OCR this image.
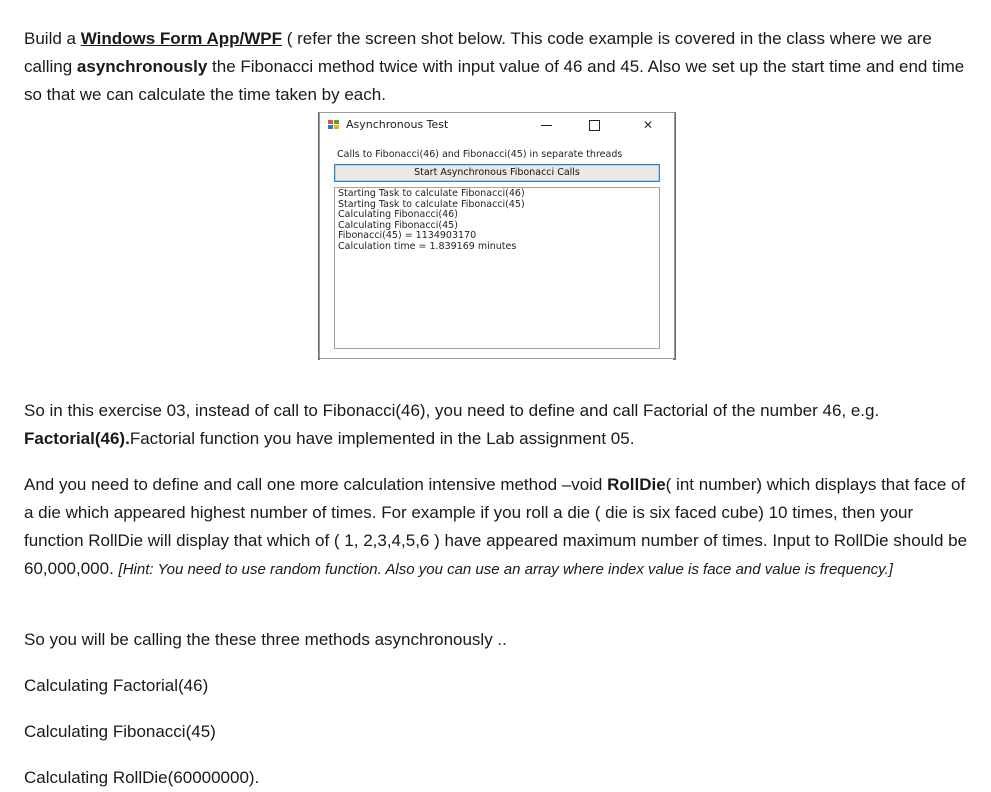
Build a Windows Form App/WPF ( refer the screen shot below. This code example is covered in the class where we are calling asynchronously the Fibonacci method twice with input value of 46 and 45. Also we set up the start time and end time so that we can calculate the time taken by each.

Asynchronous Test	✕
Calls to Fibonacci(46) and Fibonacci(45) in separate threads
Start Asynchronous Fibonacci Calls
Starting Task to calculate Fibonacci(46)
Starting Task to calculate Fibonacci(45)
Calculating Fibonacci(46)
Calculating Fibonacci(45)
Fibonacci(45) = 1134903170
Calculation time = 1.839169 minutes

So in this exercise 03, instead of call to Fibonacci(46), you need to define and call Factorial of the number 46, e.g. Factorial(46).Factorial function you have implemented in the Lab assignment 05.

And you need to define and call one more calculation intensive method –void RollDie( int number) which displays that face of a die which appeared highest number of times. For example if you roll a die ( die is six faced cube) 10 times, then your function RollDie will display that which of ( 1, 2,3,4,5,6 ) have appeared maximum number of times. Input to RollDie should be 60,000,000. [Hint: You need to use random function. Also you can use an array where index value is face and value is frequency.]

So you will be calling the these three methods asynchronously ..

Calculating Factorial(46)

Calculating Fibonacci(45)

Calculating RollDie(60000000).
